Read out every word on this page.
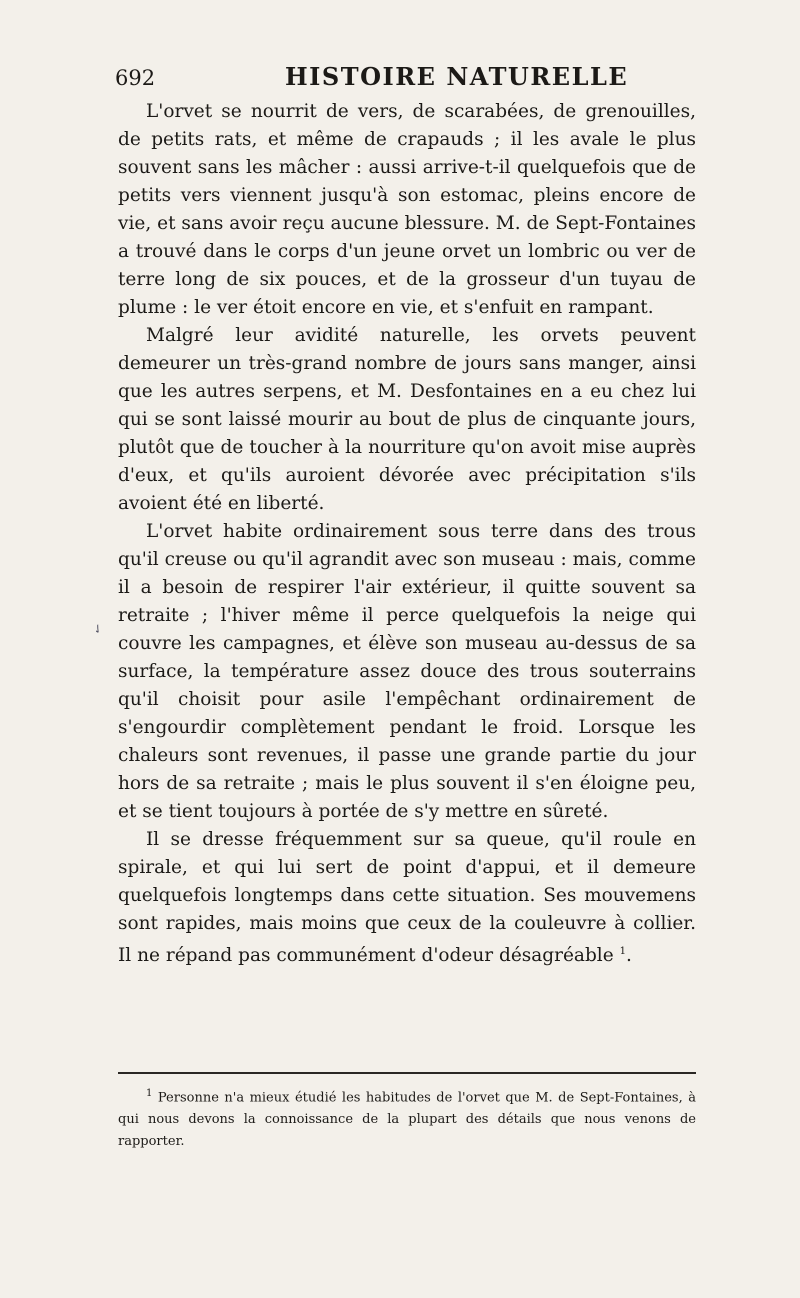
692	HISTOIRE NATURELLE

L'orvet se nourrit de vers, de scarabées, de grenouilles, de petits rats, et même de crapauds ; il les avale le plus souvent sans les mâcher : aussi arrive-t-il quelquefois que de petits vers viennent jusqu'à son estomac, pleins encore de vie, et sans avoir reçu aucune blessure. M. de Sept-Fontaines a trouvé dans le corps d'un jeune orvet un lombric ou ver de terre long de six pouces, et de la grosseur d'un tuyau de plume : le ver étoit encore en vie, et s'enfuit en rampant.

Malgré leur avidité naturelle, les orvets peuvent demeurer un très-grand nombre de jours sans manger, ainsi que les autres serpens, et M. Desfontaines en a eu chez lui qui se sont laissé mourir au bout de plus de cinquante jours, plutôt que de toucher à la nourriture qu'on avoit mise auprès d'eux, et qu'ils auroient dévorée avec précipitation s'ils avoient été en liberté.

L'orvet habite ordinairement sous terre dans des trous qu'il creuse ou qu'il agrandit avec son museau : mais, comme il a besoin de respirer l'air extérieur, il quitte souvent sa retraite ; l'hiver même il perce quelquefois la neige qui couvre les campagnes, et élève son museau au-dessus de sa surface, la température assez douce des trous souterrains qu'il choisit pour asile l'empêchant ordinairement de s'engourdir complètement pendant le froid. Lorsque les chaleurs sont revenues, il passe une grande partie du jour hors de sa retraite ; mais le plus souvent il s'en éloigne peu, et se tient toujours à portée de s'y mettre en sûreté.

Il se dresse fréquemment sur sa queue, qu'il roule en spirale, et qui lui sert de point d'appui, et il demeure quelquefois longtemps dans cette situation. Ses mouvemens sont rapides, mais moins que ceux de la couleuvre à collier. Il ne répand pas communément d'odeur désagréable $^1$.

✓

$^1$ Personne n'a mieux étudié les habitudes de l'orvet que M. de Sept-Fontaines, à qui nous devons la connoissance de la plupart des détails que nous venons de rapporter.
